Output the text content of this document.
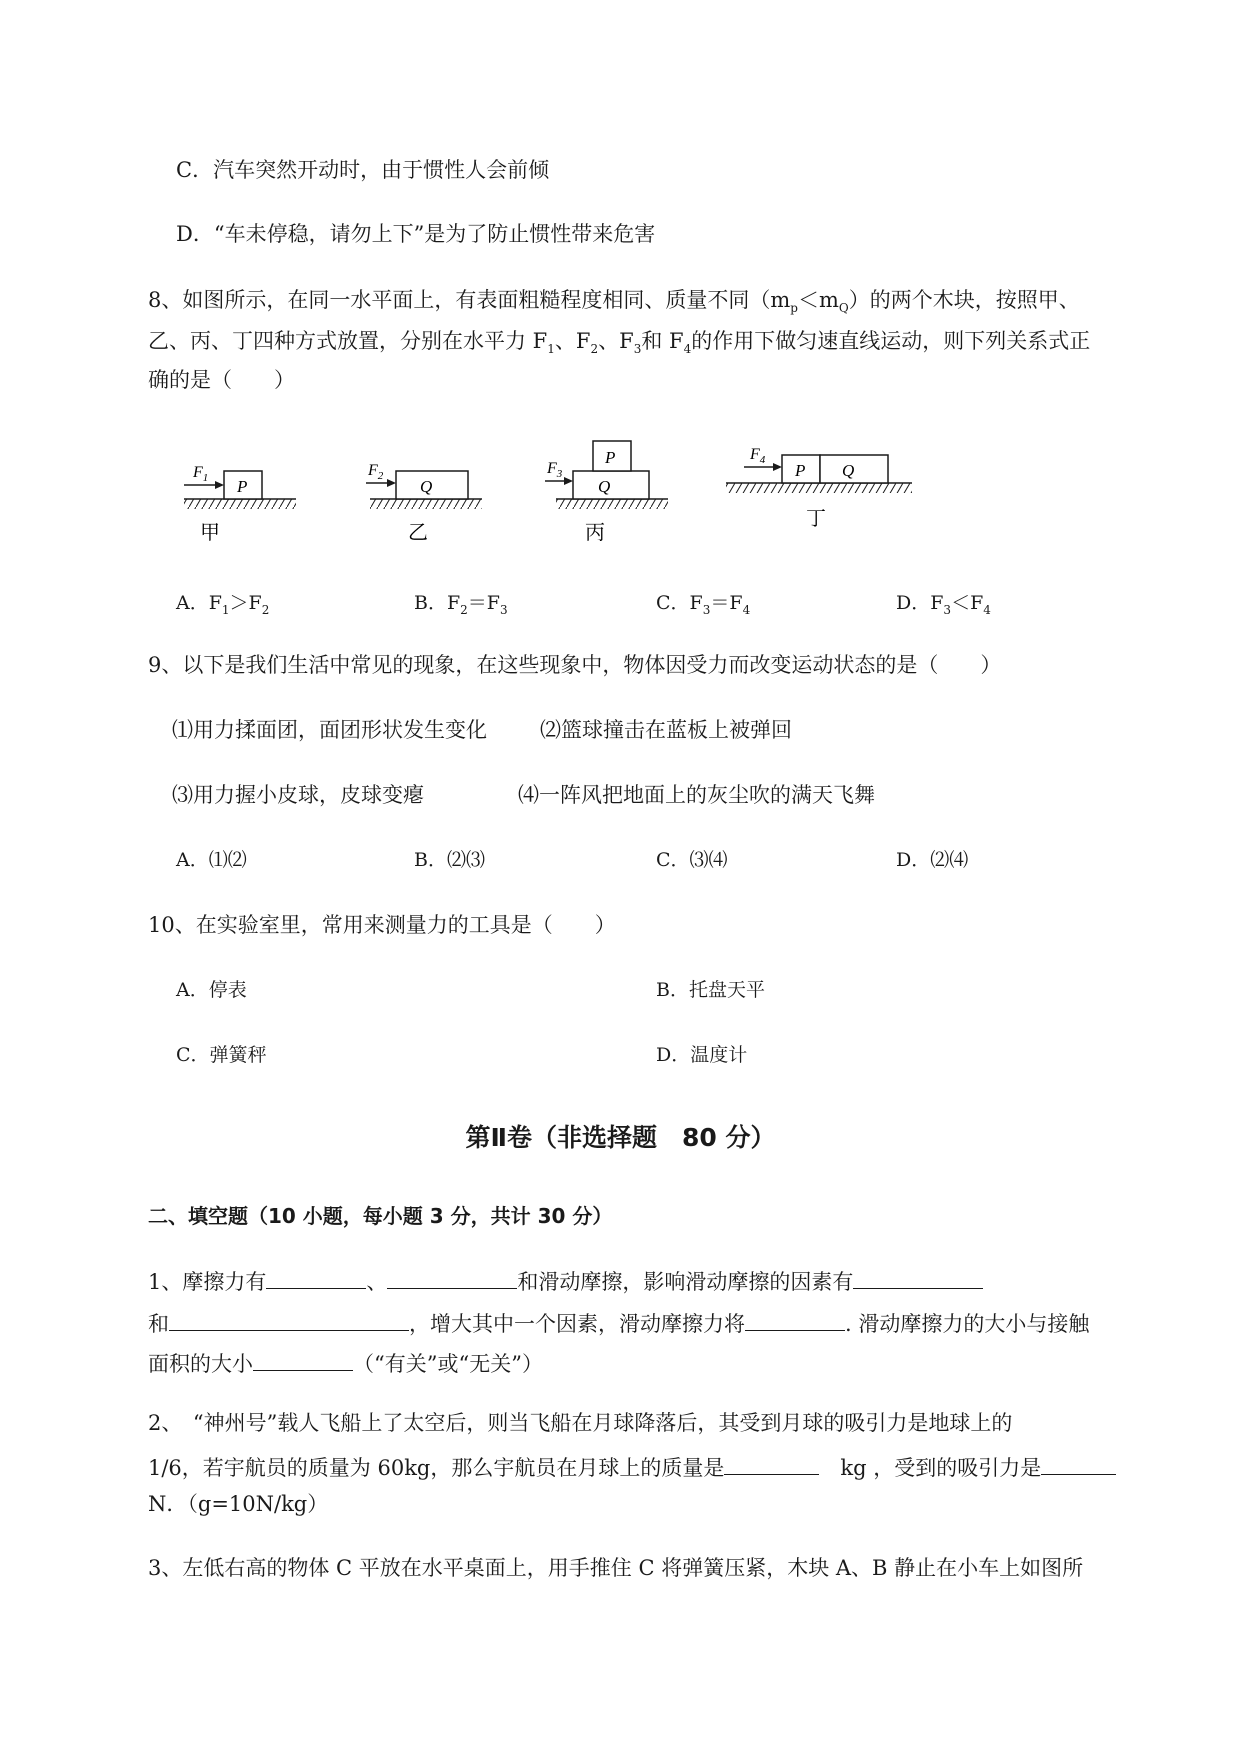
C．汽车突然开动时，由于惯性人会前倾
D．“车未停稳，请勿上下”是为了防止惯性带来危害
8、如图所示，在同一水平面上，有表面粗糙程度相同、质量不同$(m_p<m_Q)$的两个木块，按照甲、
乙、丙、丁四种方式放置，分别在水平力 $F_1$、$F_2$、$F_3$和 $F_4$的作用下做匀速直线运动，则下列关系式正
确的是（　　）
P
$F_1$
甲
Q
$F_2$
乙
Q
P
$F_3$
丙
P Q
$F_4$
丁
A．$F_1>F_2$	B．$F_2=F_3$	C．$F_3=F_4$	D．$F_3<F_4$
9、以下是我们生活中常见的现象，在这些现象中，物体因受力而改变运动状态的是（　　）
⑴用力揉面团，面团形状发生变化	⑵篮球撞击在蓝板上被弹回
⑶用力握小皮球，皮球变瘪	⑷一阵风把地面上的灰尘吹的满天飞舞
A．⑴⑵	B．⑵⑶	C．⑶⑷	D．⑵⑷
10、在实验室里，常用来测量力的工具是（　　）
A．停表	B．托盘天平
C．弹簧秤	D．温度计
第Ⅱ卷（非选择题　80 分）
二、填空题（10 小题，每小题 3 分，共计 30 分）
1、摩擦力有	、	和滑动摩擦，影响滑动摩擦的因素有
和	，增大其中一个因素，滑动摩擦力将	. 滑动摩擦力的大小与接触
面积的大小	（“有关”或“无关”）
2、　“神州号”载人飞船上了太空后，则当飞船在月球降落后，其受到月球的吸引力是地球上的
1/6，若宇航员的质量为 60kg，那么宇航员在月球上的质量是	　kg ，受到的吸引力是
N．（g=10N/kg）
3、左低右高的物体 C 平放在水平桌面上，用手推住 C 将弹簧压紧，木块 A、B 静止在小车上如图所
